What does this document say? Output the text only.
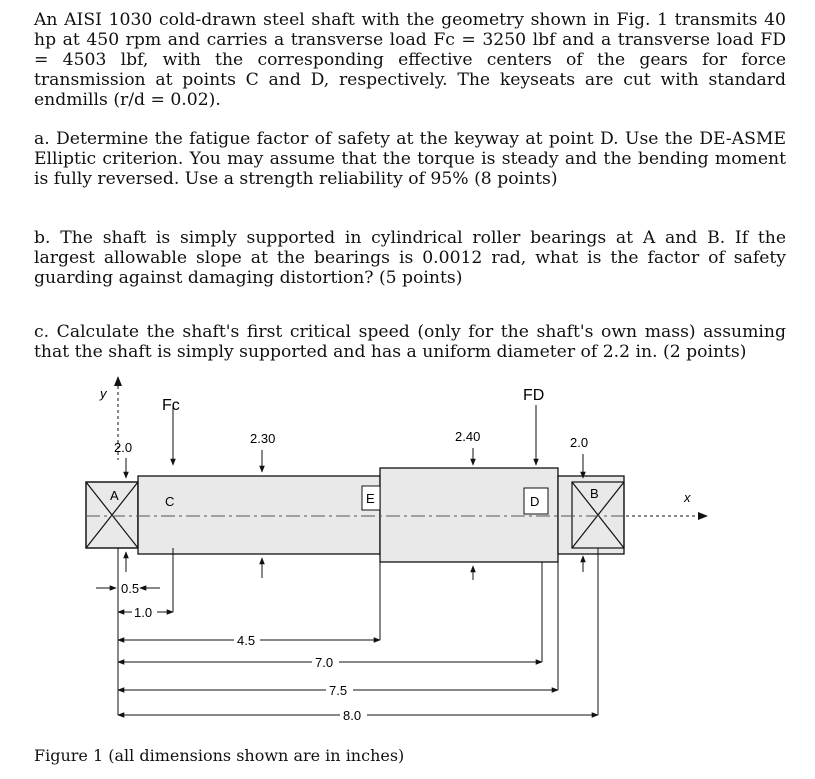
An AISI 1030 cold-drawn steel shaft with the geometry shown in Fig. 1 transmits 40 hp at 450 rpm and carries a transverse load Fc = 3250 lbf and a transverse load FD = 4503 lbf, with the corresponding effective centers of the gears for force transmission at points C and D, respectively. The keyseats are cut with standard endmills (r/d = 0.02).

a. Determine the fatigue factor of safety at the keyway at point D. Use the DE-ASME Elliptic criterion. You may assume that the torque is steady and the bending moment is fully reversed. Use a strength reliability of 95% (8 points)

b. The shaft is simply supported in cylindrical roller bearings at A and B. If the largest allowable slope at the bearings is 0.0012 rad, what is the factor of safety guarding against damaging distortion? (5 points)

c. Calculate the shaft's first critical speed (only for the shaft's own mass) assuming that the shaft is simply supported and has a uniform diameter of 2.2 in. (2 points)

y
x
A	C	E	D
B
Fc
FD
2.0
2.30	2.40	2.0
0.5
1.0
4.5
7.0
7.5
8.0

Figure 1 (all dimensions shown are in inches)
